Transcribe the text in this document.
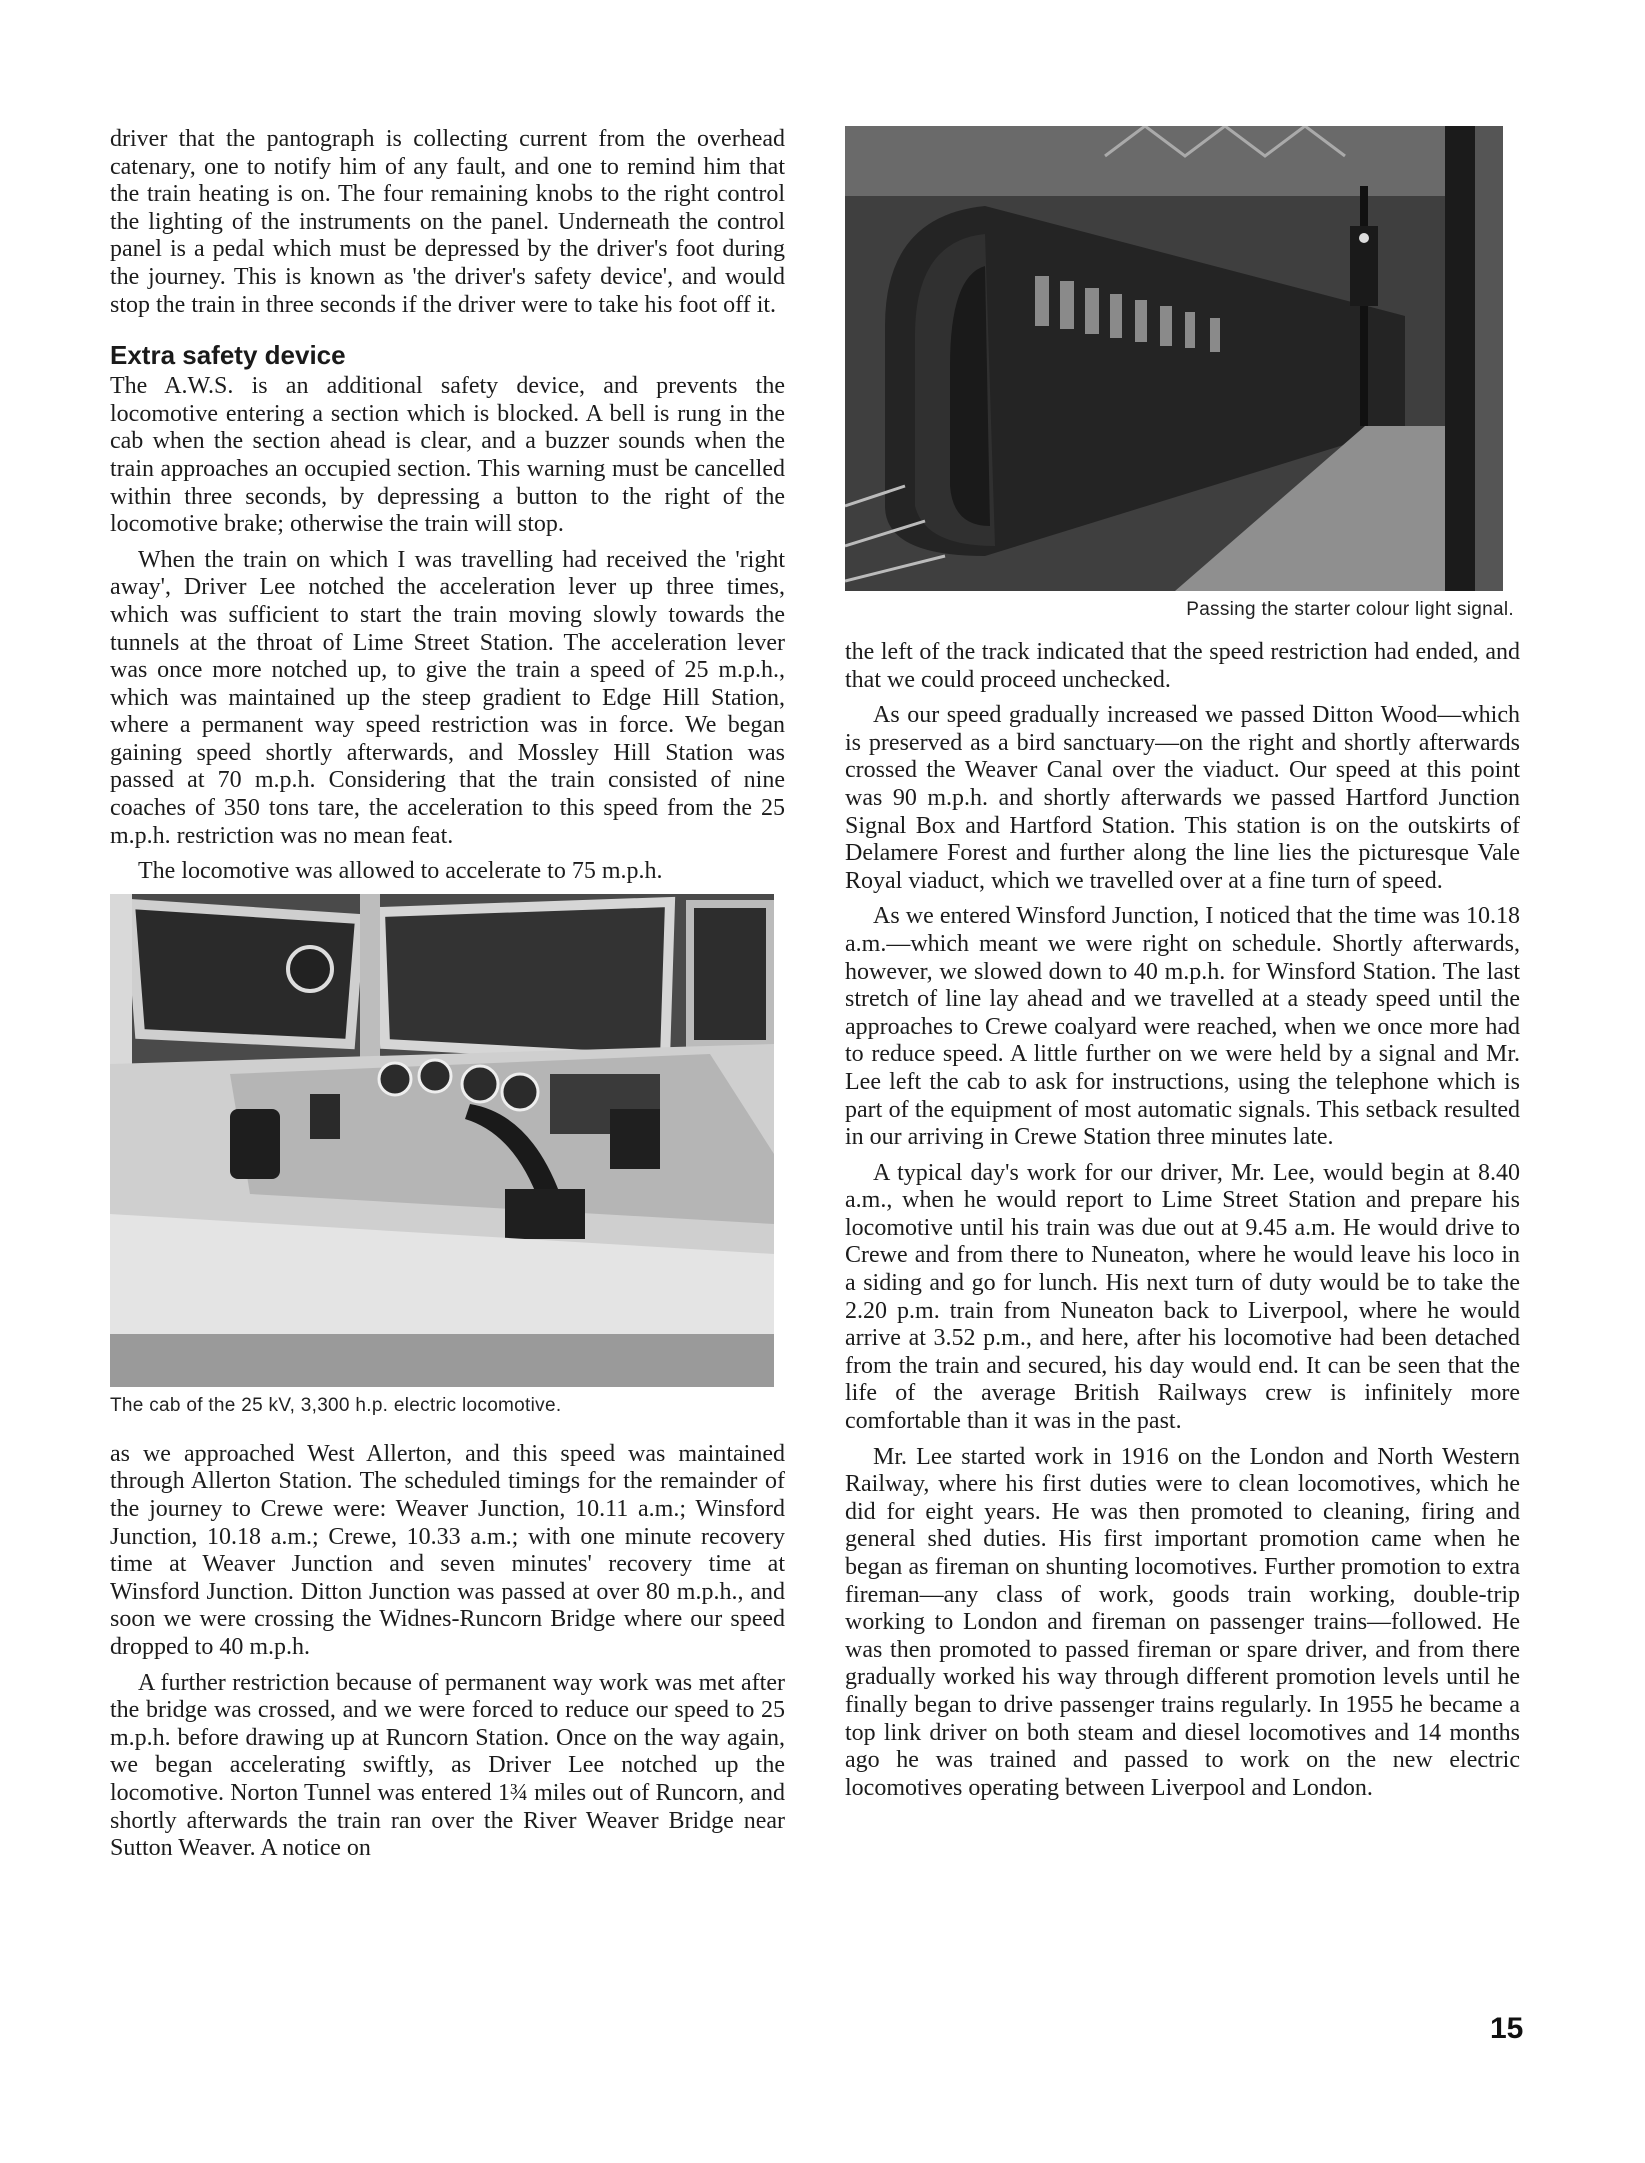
driver that the pantograph is collecting current from the overhead catenary, one to notify him of any fault, and one to remind him that the train heating is on. The four remaining knobs to the right control the lighting of the instruments on the panel. Underneath the control panel is a pedal which must be depressed by the driver's foot during the journey. This is known as 'the driver's safety device', and would stop the train in three seconds if the driver were to take his foot off it.

Extra safety device

The A.W.S. is an additional safety device, and prevents the locomotive entering a section which is blocked. A bell is rung in the cab when the section ahead is clear, and a buzzer sounds when the train approaches an occupied section. This warning must be cancelled within three seconds, by depressing a button to the right of the locomotive brake; otherwise the train will stop.

When the train on which I was travelling had received the 'right away', Driver Lee notched the acceleration lever up three times, which was sufficient to start the train moving slowly towards the tunnels at the throat of Lime Street Station. The acceleration lever was once more notched up, to give the train a speed of 25 m.p.h., which was maintained up the steep gradient to Edge Hill Station, where a permanent way speed restriction was in force. We began gaining speed shortly afterwards, and Mossley Hill Station was passed at 70 m.p.h. Considering that the train consisted of nine coaches of 350 tons tare, the acceleration to this speed from the 25 m.p.h. restriction was no mean feat.

The locomotive was allowed to accelerate to 75 m.p.h.

The cab of the 25 kV, 3,300 h.p. electric locomotive.

as we approached West Allerton, and this speed was maintained through Allerton Station. The scheduled timings for the remainder of the journey to Crewe were: Weaver Junction, 10.11 a.m.; Winsford Junction, 10.18 a.m.; Crewe, 10.33 a.m.; with one minute recovery time at Weaver Junction and seven minutes' recovery time at Winsford Junction. Ditton Junction was passed at over 80 m.p.h., and soon we were crossing the Widnes-Runcorn Bridge where our speed dropped to 40 m.p.h.

A further restriction because of permanent way work was met after the bridge was crossed, and we were forced to reduce our speed to 25 m.p.h. before drawing up at Runcorn Station. Once on the way again, we began accelerating swiftly, as Driver Lee notched up the locomotive. Norton Tunnel was entered 1¾ miles out of Runcorn, and shortly afterwards the train ran over the River Weaver Bridge near Sutton Weaver. A notice on

Passing the starter colour light signal.

the left of the track indicated that the speed restriction had ended, and that we could proceed unchecked.

As our speed gradually increased we passed Ditton Wood—which is preserved as a bird sanctuary—on the right and shortly afterwards crossed the Weaver Canal over the viaduct. Our speed at this point was 90 m.p.h. and shortly afterwards we passed Hartford Junction Signal Box and Hartford Station. This station is on the outskirts of Delamere Forest and further along the line lies the picturesque Vale Royal viaduct, which we travelled over at a fine turn of speed.

As we entered Winsford Junction, I noticed that the time was 10.18 a.m.—which meant we were right on schedule. Shortly afterwards, however, we slowed down to 40 m.p.h. for Winsford Station. The last stretch of line lay ahead and we travelled at a steady speed until the approaches to Crewe coalyard were reached, when we once more had to reduce speed. A little further on we were held by a signal and Mr. Lee left the cab to ask for instructions, using the telephone which is part of the equipment of most automatic signals. This setback resulted in our arriving in Crewe Station three minutes late.

A typical day's work for our driver, Mr. Lee, would begin at 8.40 a.m., when he would report to Lime Street Station and prepare his locomotive until his train was due out at 9.45 a.m. He would drive to Crewe and from there to Nuneaton, where he would leave his loco in a siding and go for lunch. His next turn of duty would be to take the 2.20 p.m. train from Nuneaton back to Liverpool, where he would arrive at 3.52 p.m., and here, after his locomotive had been detached from the train and secured, his day would end. It can be seen that the life of the average British Railways crew is infinitely more comfortable than it was in the past.

Mr. Lee started work in 1916 on the London and North Western Railway, where his first duties were to clean locomotives, which he did for eight years. He was then promoted to cleaning, firing and general shed duties. His first important promotion came when he began as fireman on shunting locomotives. Further promotion to extra fireman—any class of work, goods train working, double-trip working to London and fireman on passenger trains—followed. He was then promoted to passed fireman or spare driver, and from there gradually worked his way through different promotion levels until he finally began to drive passenger trains regularly. In 1955 he became a top link driver on both steam and diesel locomotives and 14 months ago he was trained and passed to work on the new electric locomotives operating between Liverpool and London.

15
